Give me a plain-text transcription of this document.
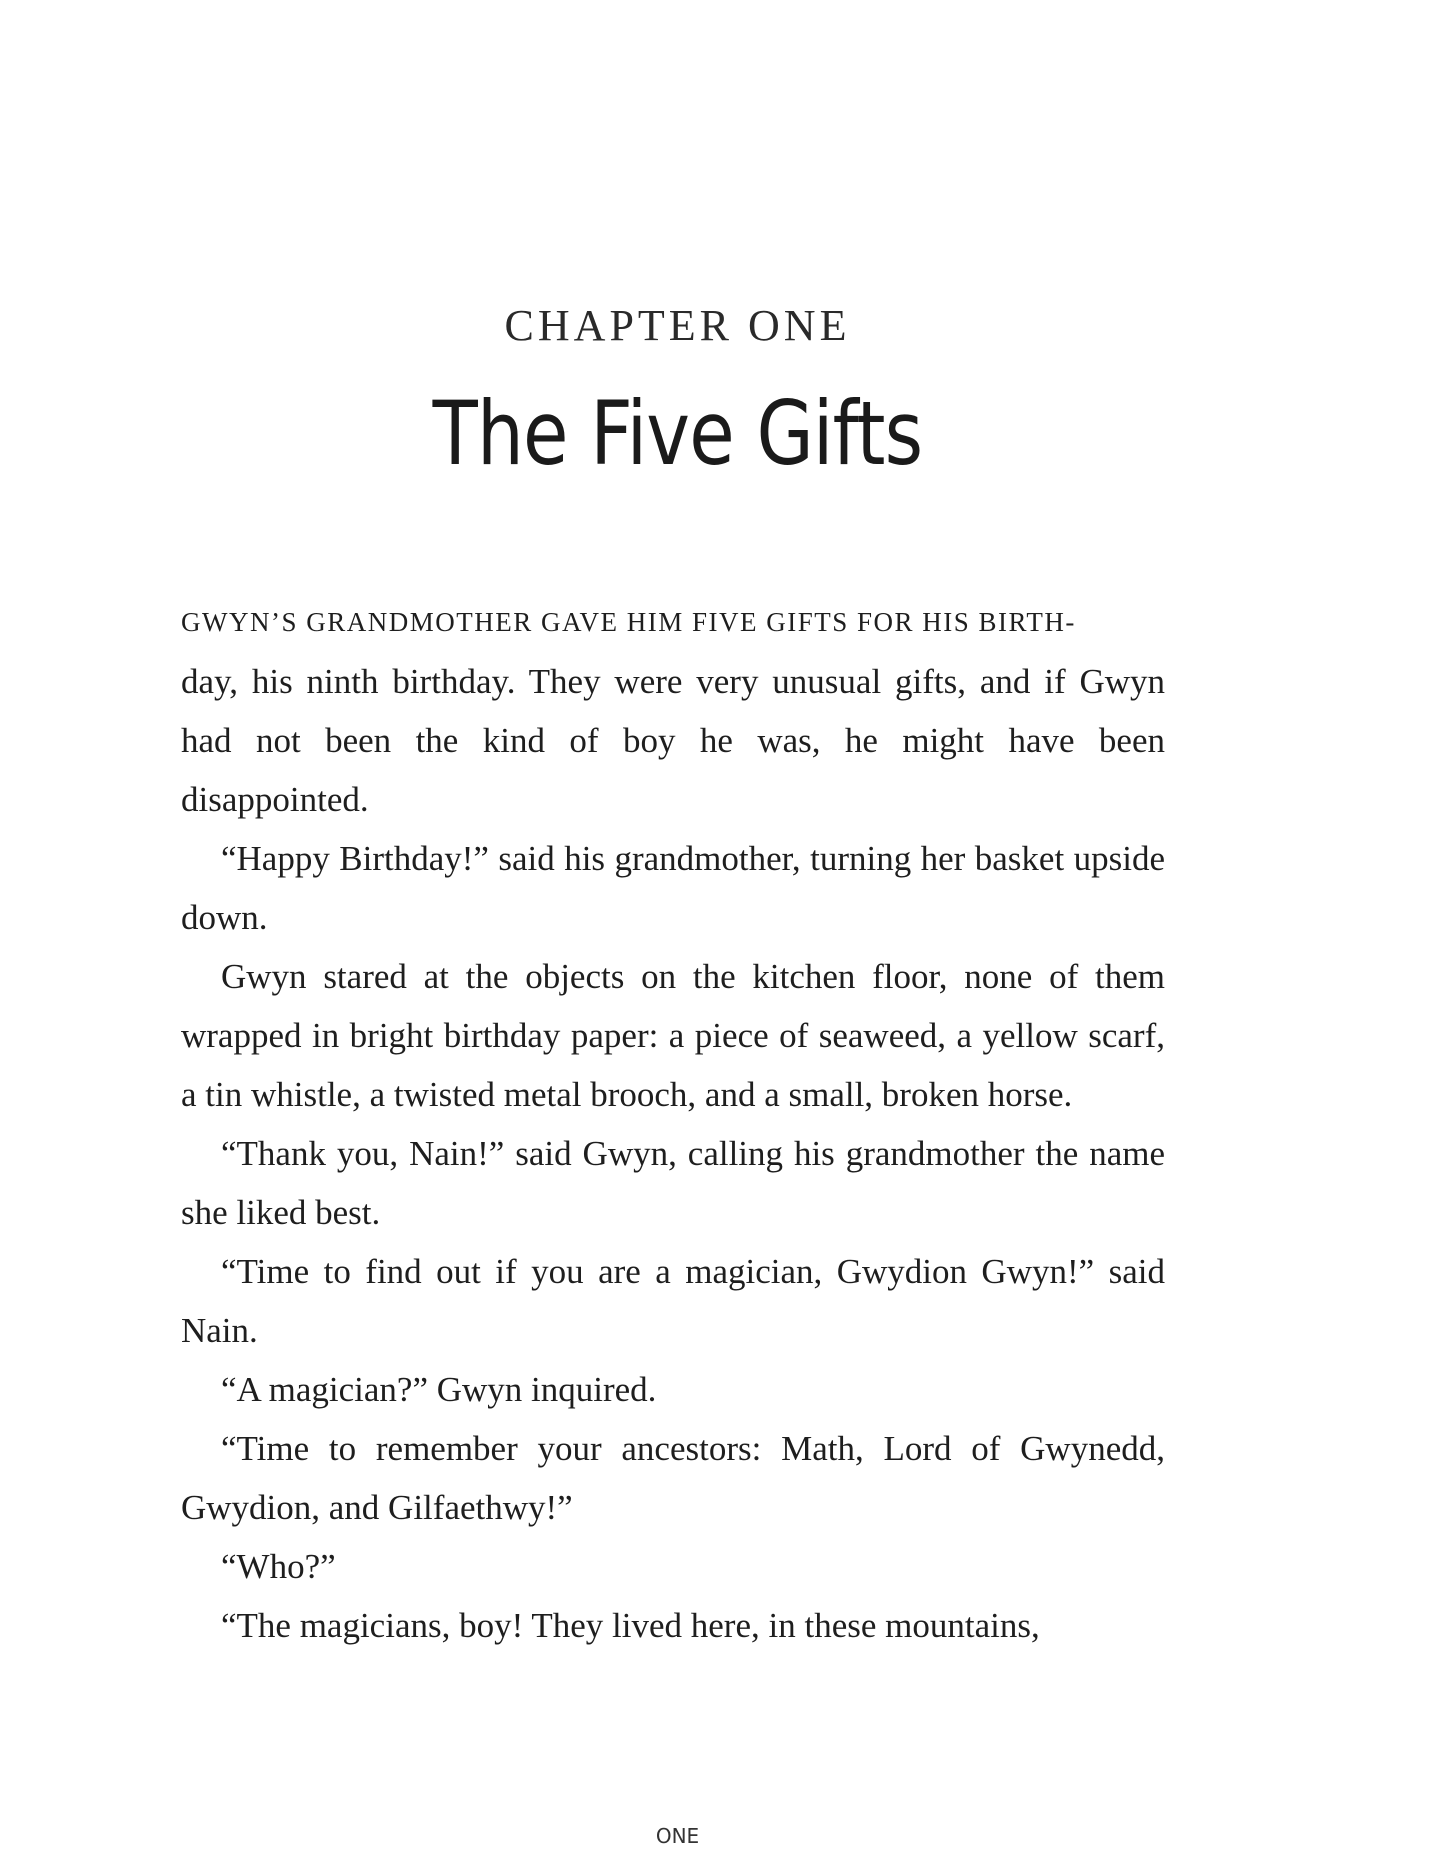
CHAPTER ONE
The Five Gifts

GWYN’S GRANDMOTHER GAVE HIM FIVE GIFTS FOR HIS BIRTH-
day, his ninth birthday. They were very unusual gifts, and if Gwyn had not been the kind of boy he was, he might have been disappointed.

“Happy Birthday!” said his grandmother, turning her basket upside down.

Gwyn stared at the objects on the kitchen floor, none of them wrapped in bright birthday paper: a piece of seaweed, a yellow scarf, a tin whistle, a twisted metal brooch, and a small, broken horse.

“Thank you, Nain!” said Gwyn, calling his grandmother the name she liked best.

“Time to find out if you are a magician, Gwydion Gwyn!” said Nain.

“A magician?” Gwyn inquired.

“Time to remember your ancestors: Math, Lord of Gwynedd, Gwydion, and Gilfaethwy!”

“Who?”

“The magicians, boy! They lived here, in these mountains,

ONE
